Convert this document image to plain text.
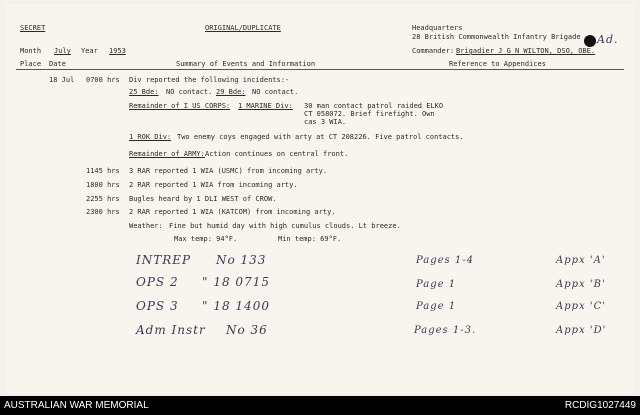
SECRET	ORIGINAL/DUPLICATE	Headquarters
28 British Commonwealth Infantry Brigade Ad.
Month July Year 1953	Commander: Brigadier J G N WILTON, DSO, OBE.
Place Date	Summary of Events and Information	Reference to Appendices
18 Jul 0700 hrs Div reported the following incidents:-
25 Bde: NO contact. 29 Bde: NO contact.
Remainder of I US CORPS: 1 MARINE Div: 30 man contact patrol raided ELKO
CT 058072. Brief firefight. Own
cas 3 WIA.
1 ROK Div: Two enemy coys engaged with arty at CT 208226. Five patrol contacts.
Remainder of ARMY: Action continues on central front.
1145 hrs 3 RAR reported 1 WIA (USMC) from incoming arty.
1800 hrs 2 RAR reported 1 WIA from incoming arty.
2255 hrs Bugles heard by 1 DLI WEST of CROW.
2300 hrs 2 RAR reported 1 WIA (KATCOM) from incoming arty.
Weather: Fine but humid day with high cumulus clouds. Lt breeze.
Max temp: 94°F.	Min temp: 69°F.
INTREP No 133	Pages 1-4	Appx 'A'
OPS 2 " 18 0715	Page 1	Appx 'B'
OPS 3 " 18 1400	Page 1	Appx 'C'
Adm Instr No 36	Pages 1-3.	Appx 'D'
AUSTRALIAN WAR MEMORIAL	RCDIG1027449
